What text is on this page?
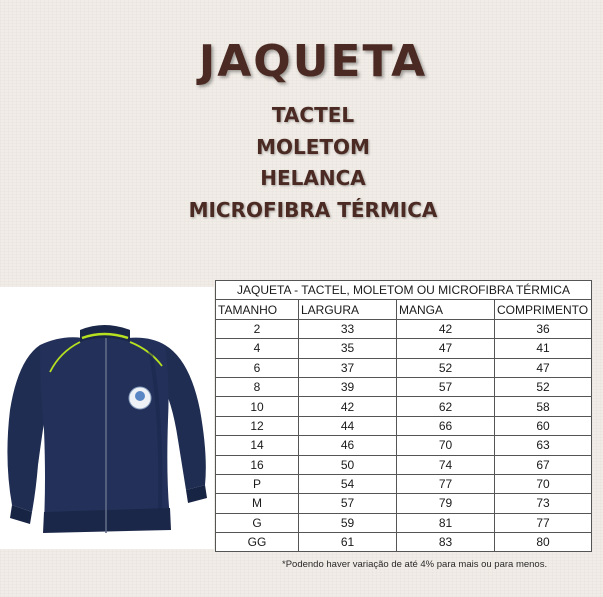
JAQUETA
TACTEL
MOLETOM
HELANCA
MICROFIBRA TÉRMICA
JAQUETA - TACTEL, MOLETOM OU MICROFIBRA TÉRMICA			
TAMANHO	LARGURA	MANGA	COMPRIMENTO
2	33	42	36
4	35	47	41
6	37	52	47
8	39	57	52
10	42	62	58
12	44	66	60
14	46	70	63
16	50	74	67
P	54	77	70
M	57	79	73
G	59	81	77
GG	61	83	80
*Podendo haver variação de até 4% para mais ou para menos.
